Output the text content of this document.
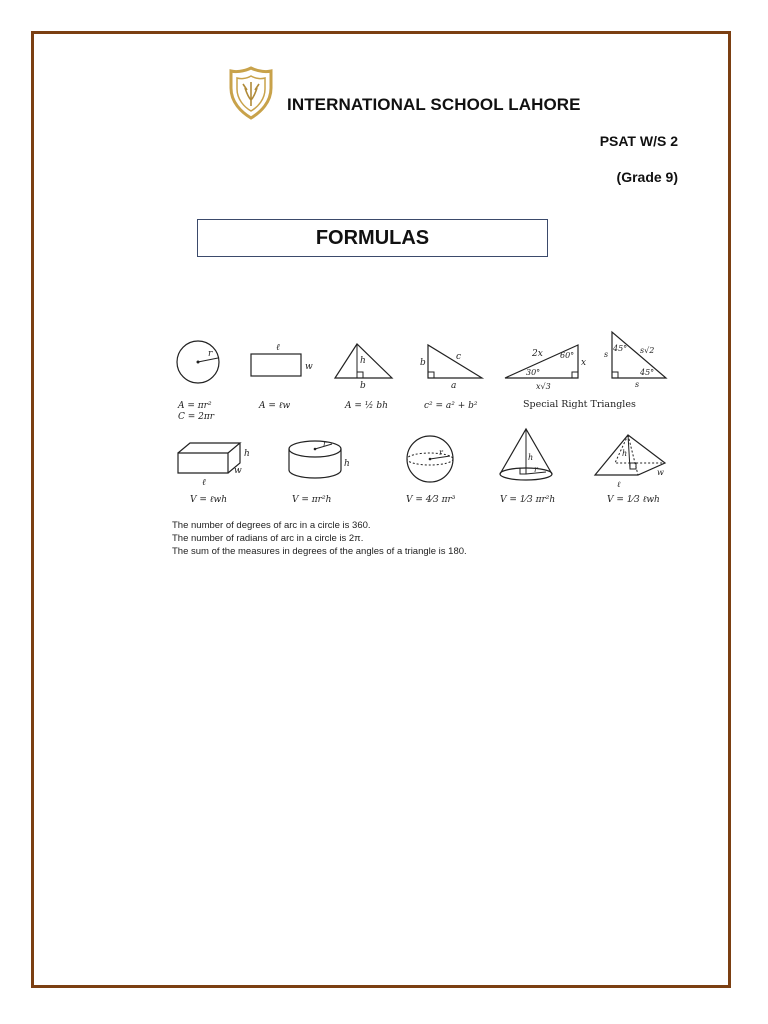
INTERNATIONAL SCHOOL LAHORE
PSAT W/S 2
(Grade 9)
FORMULAS
r
ℓ
w
h
b
b
c
a
2x 60°
30°
x
x√3
45° s√2
s
45°
s
A = πr²
C = 2πr
A = ℓw	A = ½ bh	c² = a² + b²	Special Right Triangles
h
w
ℓ
r
h
r
h
r
h
w
ℓ
V = ℓwh	V = πr²h	V = 4⁄3 πr³	V = 1⁄3 πr²h	V = 1⁄3 ℓwh
The number of degrees of arc in a circle is 360.
The number of radians of arc in a circle is 2π.
The sum of the measures in degrees of the angles of a triangle is 180.
